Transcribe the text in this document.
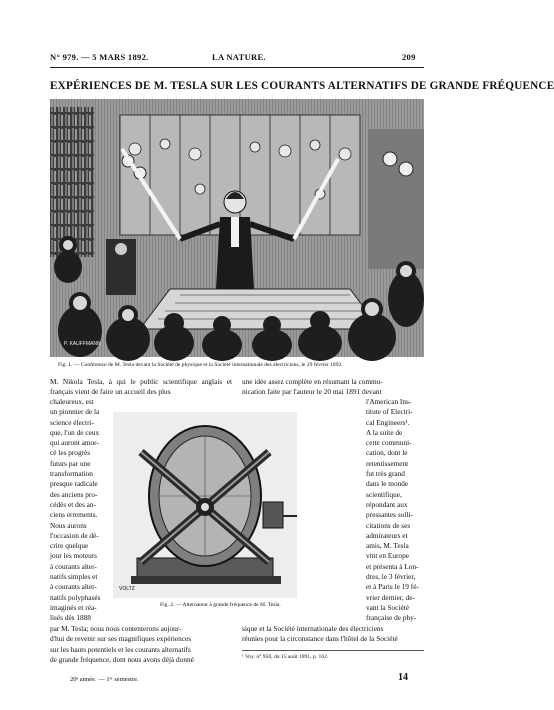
N° 979. — 5 MARS 1892.	LA NATURE.	209
EXPÉRIENCES DE M. TESLA SUR LES COURANTS ALTERNATIFS DE GRANDE FRÉQUENCE
P. KAUFFMANN
Fig. 1. — Conférence de M. Tesla devant la Société de physique et la Société internationale des électriciens, le 29 février 1892.
M. Nikola Tesla, à qui le public scientifique anglais et français vient de faire un accueil des plus

chaleureux, est

un pionnier de la

science électri-

que, l'un de ceux

qui auront amor-

cé les progrès

futurs par une

transformation

presque radicale

des anciens pro-

cédés et des an-

ciens errements.

Nous aurons

l'occasion de dé-

crire quelque

jour les moteurs

à courants alter-

natifs simples et

à courants alter-

natifs polyphasés

imaginés et réa-

lisés dès 1888

par M. Tesla; nous nous contenterons aujour-

d'hui de revenir sur ses magnifiques expériences

sur les hauts potentiels et les courants alternatifs

de grande fréquence, dont nous avons déjà donné

une idée assez complète en résumant la commu-

nication faite par l'auteur le 20 mai 1891 devant

l'American Ins-

titute of Electri-

cal Engineers¹.

A la suite de

cette communi-

cation, dont le

retentissement

fut très grand

dans le monde

scientifique,

répondant aux

pressantes solli-

citations de ses

admirateurs et

amis, M. Tesla

vint en Europe

et présenta à Lon-

dres, le 3 février,

et à Paris le 19 fé-

vrier dernier, de-

vant la Société

française de phy-

sique et la Société internationale des électriciens

réunies pour la circonstance dans l'hôtel de la Société

¹ Voy. n° 950, du 15 août 1891, p. 162.
VOLTZ
Fig. 2. — Alternateur à grande fréquence de M. Tesla.
20ᵉ année. — 1ᵉʳ semestre.	14
